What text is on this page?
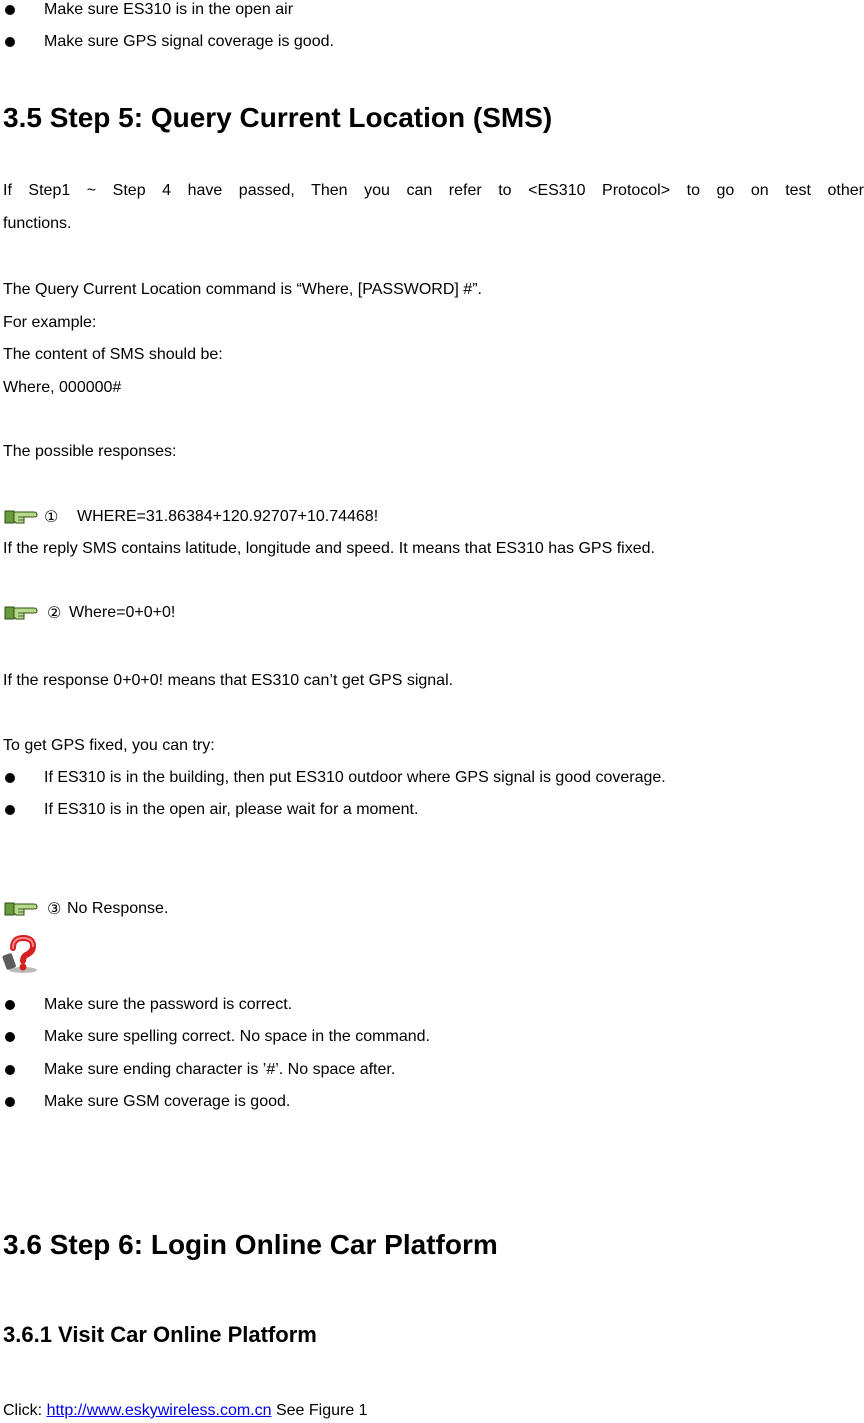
Make sure ES310 is in the open air
Make sure GPS signal coverage is good.
3.5 Step 5: Query Current Location (SMS)
If Step1 ~ Step 4 have passed, Then you can refer to <ES310 Protocol> to go on test other
functions.
The Query Current Location command is “Where, [PASSWORD] #”.
For example:
The content of SMS should be:
Where, 000000#
The possible responses:
① WHERE=31.86384+120.92707+10.74468!
If the reply SMS contains latitude, longitude and speed. It means that ES310 has GPS fixed.
② Where=0+0+0!
If the response 0+0+0! means that ES310 can’t get GPS signal.
To get GPS fixed, you can try:
If ES310 is in the building, then put ES310 outdoor where GPS signal is good coverage.
If ES310 is in the open air, please wait for a moment.
③ No Response.
Make sure the password is correct.
Make sure spelling correct. No space in the command.
Make sure ending character is ’#’. No space after.
Make sure GSM coverage is good.
3.6 Step 6: Login Online Car Platform
3.6.1 Visit Car Online Platform
Click: http://www.eskywireless.com.cn See Figure 1
